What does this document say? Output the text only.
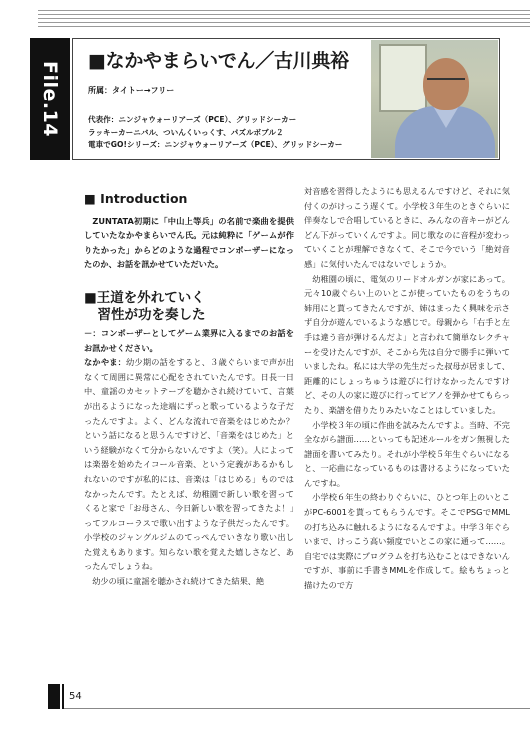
File.14 ■なかやまらいでん／古川典裕
所属：タイトー→フリー
代表作：ニンジャウォーリアーズ（PCE）、グリッドシーカー
ラッキーカーニバル、ついんくいっくす、パズルボブル２
電車でGO!シリーズ：ニンジャウォーリアーズ（PCE）、グリッドシーカー
■ Introduction

　ZUNTATA初期に「中山上等兵」の名前で楽曲を提供していたなかやまらいでん氏。元は純粋に「ゲームが作りたかった」からどのような過程でコンポーザーになったのか、お話を訊かせていただいた。

■王道を外れていく
　習性が功を奏した

－：コンポーザーとしてゲーム業界に入るまでのお話をお訊かせください。

なかやま：幼少期の話をすると、３歳ぐらいまで声が出なくて周囲に異常に心配をされていたんです。日長一日中、童謡のカセットテープを聴かされ続けていて、言葉が出るようになった途端にずっと歌っているような子だったんですよ。よく、どんな流れで音楽をはじめたか？ という話になると思うんですけど、「音楽をはじめた」という経験がなくて分からないんですよ（笑）。人によっては楽器を始めたイコール音楽、という定義があるかもしれないのですが私的には、音楽は「はじめる」ものではなかったんです。たとえば、幼稚園で新しい歌を習ってくると家で「お母さん、今日新しい歌を習ってきたよ！」ってフルコーラスで歌い出すような子供だったんです。小学校のジャングルジムのてっぺんでいきなり歌い出した覚えもあります。知らない歌を覚えた嬉しさなど、あったんでしょうね。

　幼少の頃に童謡を聴かされ続けてきた結果、絶

対音感を習得したようにも思えるんですけど、それに気付くのがけっこう遅くて。小学校３年生のときぐらいに伴奏なしで合唱しているときに、みんなの音キーがどんどん下がっていくんですよ。同じ歌なのに音程が変わっていくことが理解できなくて、そこで今でいう「絶対音感」に気付いたんではないでしょうか。

　幼稚園の頃に、電気のリードオルガンが家にあって。元々10歳ぐらい上のいとこが使っていたものをうちの姉用にと貰ってきたんですが、姉はまったく興味を示さず自分が遊んでいるような感じで。母親から「右手と左手は違う音が弾けるんだよ」と言われて簡単なレクチャーを受けたんですが、そこから先は自分で勝手に弾いていましたね。私には大学の先生だった叔母が居まして、距離的にしょっちゅうは遊びに行けなかったんですけど、その人の家に遊びに行ってピアノを弾かせてもらったり、楽譜を借りたりみたいなことはしていました。

　小学校３年の頃に作曲を試みたんですよ。当時、不完全ながら譜面……といっても記述ルールをガン無視した譜面を書いてみたり。それが小学校５年生ぐらいになると、一応曲になっているものは書けるようになっていたんですね。

　小学校６年生の終わりぐらいに、ひとつ年上のいとこがPC-6001を貰ってもらうんです。そこでPSGでMMLの打ち込みに触れるようになるんですよ。中学３年ぐらいまで、けっこう高い頻度でいとこの家に通って……。自宅では実際にプログラムを打ち込むことはできないんですが、事前に手書きMMLを作成して。絵もちょっと描けたので方

54
